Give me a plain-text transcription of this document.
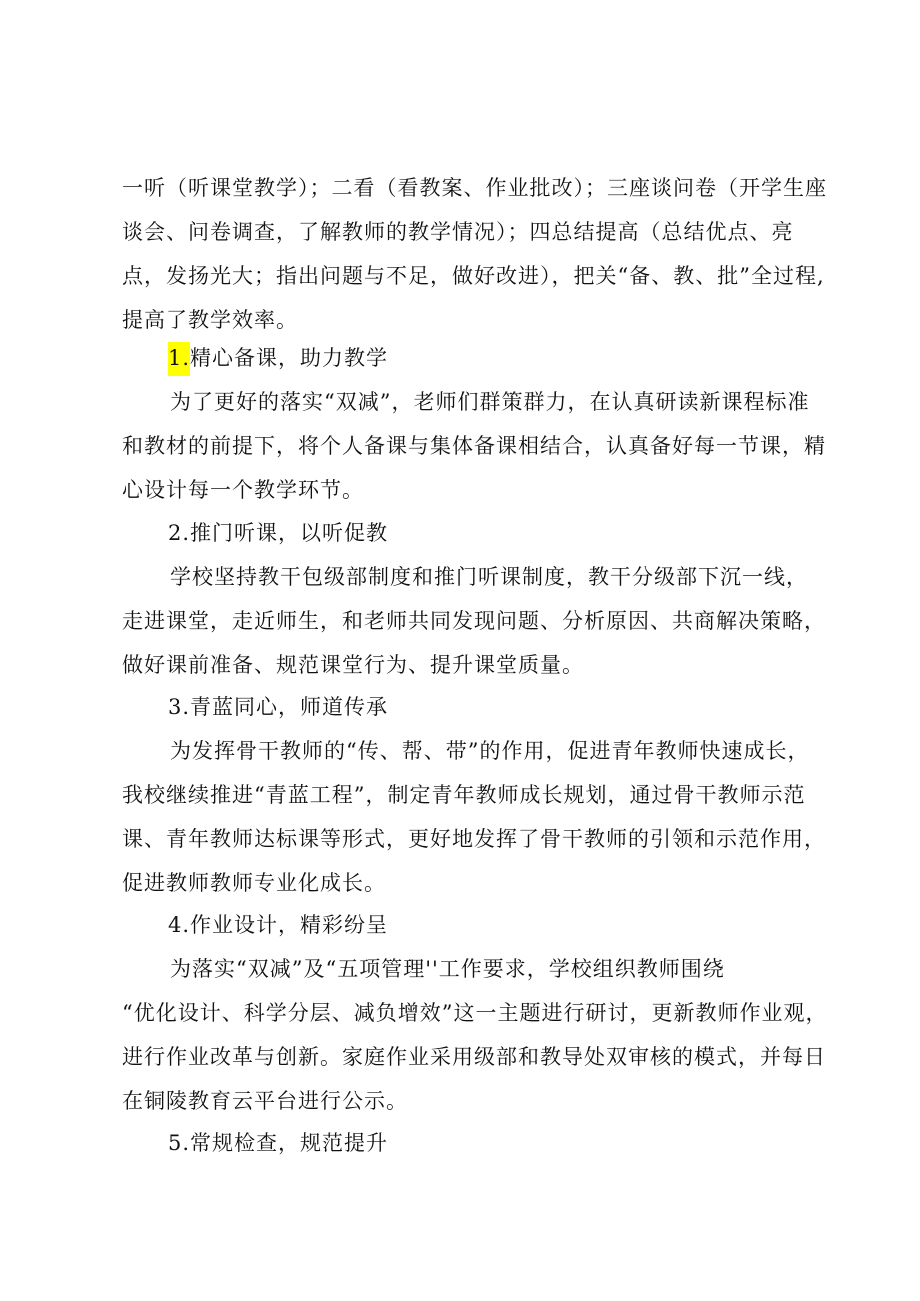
一听（听课堂教学）；二看（看教案、作业批改）；三座谈问卷（开学生座谈会、问卷调查，了解教师的教学情况）；四总结提高（总结优点、亮点，发扬光大；指出问题与不足，做好改进），把关“备、教、批”全过程,提高了教学效率。

1.精心备课，助力教学

为了更好的落实“双减”，老师们群策群力，在认真研读新课程标准和教材的前提下，将个人备课与集体备课相结合，认真备好每一节课，精心设计每一个教学环节。

2.推门听课，以听促教

学校坚持教干包级部制度和推门听课制度，教干分级部下沉一线，走进课堂，走近师生，和老师共同发现问题、分析原因、共商解决策略，做好课前准备、规范课堂行为、提升课堂质量。

3.青蓝同心，师道传承

为发挥骨干教师的“传、帮、带”的作用，促进青年教师快速成长，我校继续推进“青蓝工程”，制定青年教师成长规划，通过骨干教师示范课、青年教师达标课等形式，更好地发挥了骨干教师的引领和示范作用，促进教师教师专业化成长。

4.作业设计，精彩纷呈

为落实“双减”及“五项管理''工作要求，学校组织教师围绕

“优化设计、科学分层、减负增效”这一主题进行研讨，更新教师作业观，进行作业改革与创新。家庭作业采用级部和教导处双审核的模式，并每日在铜陵教育云平台进行公示。

5.常规检查，规范提升
